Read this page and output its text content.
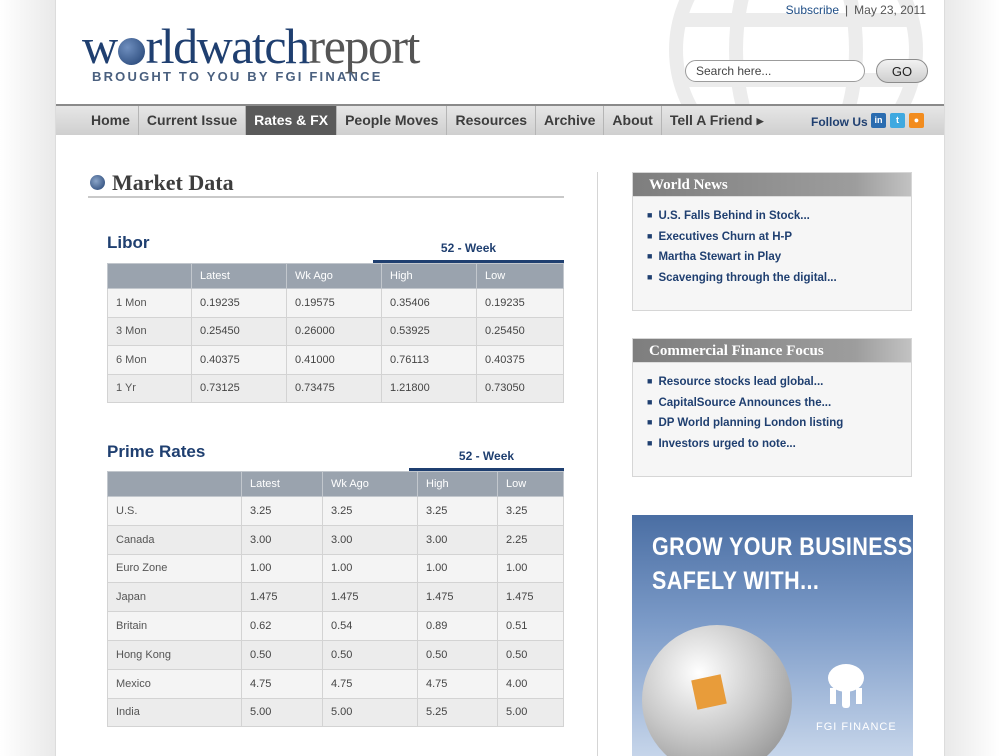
Subscribe | May 23, 2011
w rldwatchreport
BROUGHT TO YOU BY FGI FINANCE
Search here...	GO
Home	Current Issue	Rates & FX	People Moves	Resources	Archive	About	Tell A Friend ▶	Follow Us in	t	●
Market Data
Libor	52 - Week
	Latest	Wk Ago	High	Low
1 Mon	0.19235	0.19575	0.35406	0.19235
3 Mon	0.25450	0.26000	0.53925	0.25450
6 Mon	0.40375	0.41000	0.76113	0.40375
1 Yr	0.73125	0.73475	1.21800	0.73050
Prime Rates	52 - Week
	Latest	Wk Ago	High	Low
U.S.	3.25	3.25	3.25	3.25
Canada	3.00	3.00	3.00	2.25
Euro Zone	1.00	1.00	1.00	1.00
Japan	1.475	1.475	1.475	1.475
Britain	0.62	0.54	0.89	0.51
Hong Kong	0.50	0.50	0.50	0.50
Mexico	4.75	4.75	4.75	4.00
India	5.00	5.00	5.25	5.00
World News
■ U.S. Falls Behind in Stock...
■ Executives Churn at H-P
■ Martha Stewart in Play
■ Scavenging through the digital...
Commercial Finance Focus
■ Resource stocks lead global...
■ CapitalSource Announces the...
■ DP World planning London listing
■ Investors urged to note...
GROW YOUR BUSINESS
SAFELY WITH...
FGI FINANCE
